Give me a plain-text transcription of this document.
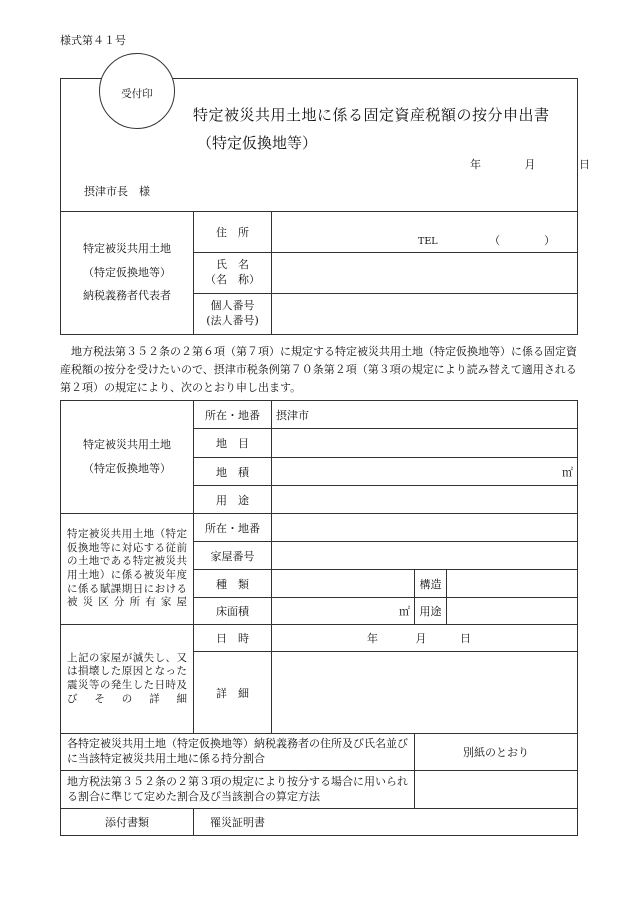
様式第４１号
受付印
特定被災共用土地に係る固定資産税額の按分申出書
（特定仮換地等）
年	月	日
摂津市長　様
特定被災共用土地
（特定仮換地等）
納税義務者代表者	住　所	TEL （　　　　）

	氏　名
（名　称）	

	個人番号
(法人番号)	

地方税法第３５２条の２第６項（第７項）に規定する特定被災共用土地（特定仮換地等）に係る固定資産税額の按分を受けたいので、摂津市税条例第７０条第２項（第３項の規定により読み替えて適用される第２項）の規定により、次のとおり申し出ます。
特定被災共用土地
（特定仮換地等）	所在・地番	摂津市		
	地　目			
	地　積	㎡		
	用　途			
特定被災共用土地（特定仮換地等に対応する従前の土地である特定被災共用土地）に係る被災年度に係る賦課期日における被災区分所有家屋	所在・地番			
	家屋番号			
	種　類		構造	
	床面積	㎡	用途	
上記の家屋が滅失し、又は損壊した原因となった震災等の発生した日時及びその詳細	日　時	年 月 日		
	詳　細			
各特定被災共用土地（特定仮換地等）納税義務者の住所及び氏名並びに当該特定被災共用土地に係る持分割合			別紙のとおり	
地方税法第３５２条の２第３項の規定により按分する場合に用いられる割合に準じて定めた割合及び当該割合の算定方法				
添付書類	罹災証明書			
